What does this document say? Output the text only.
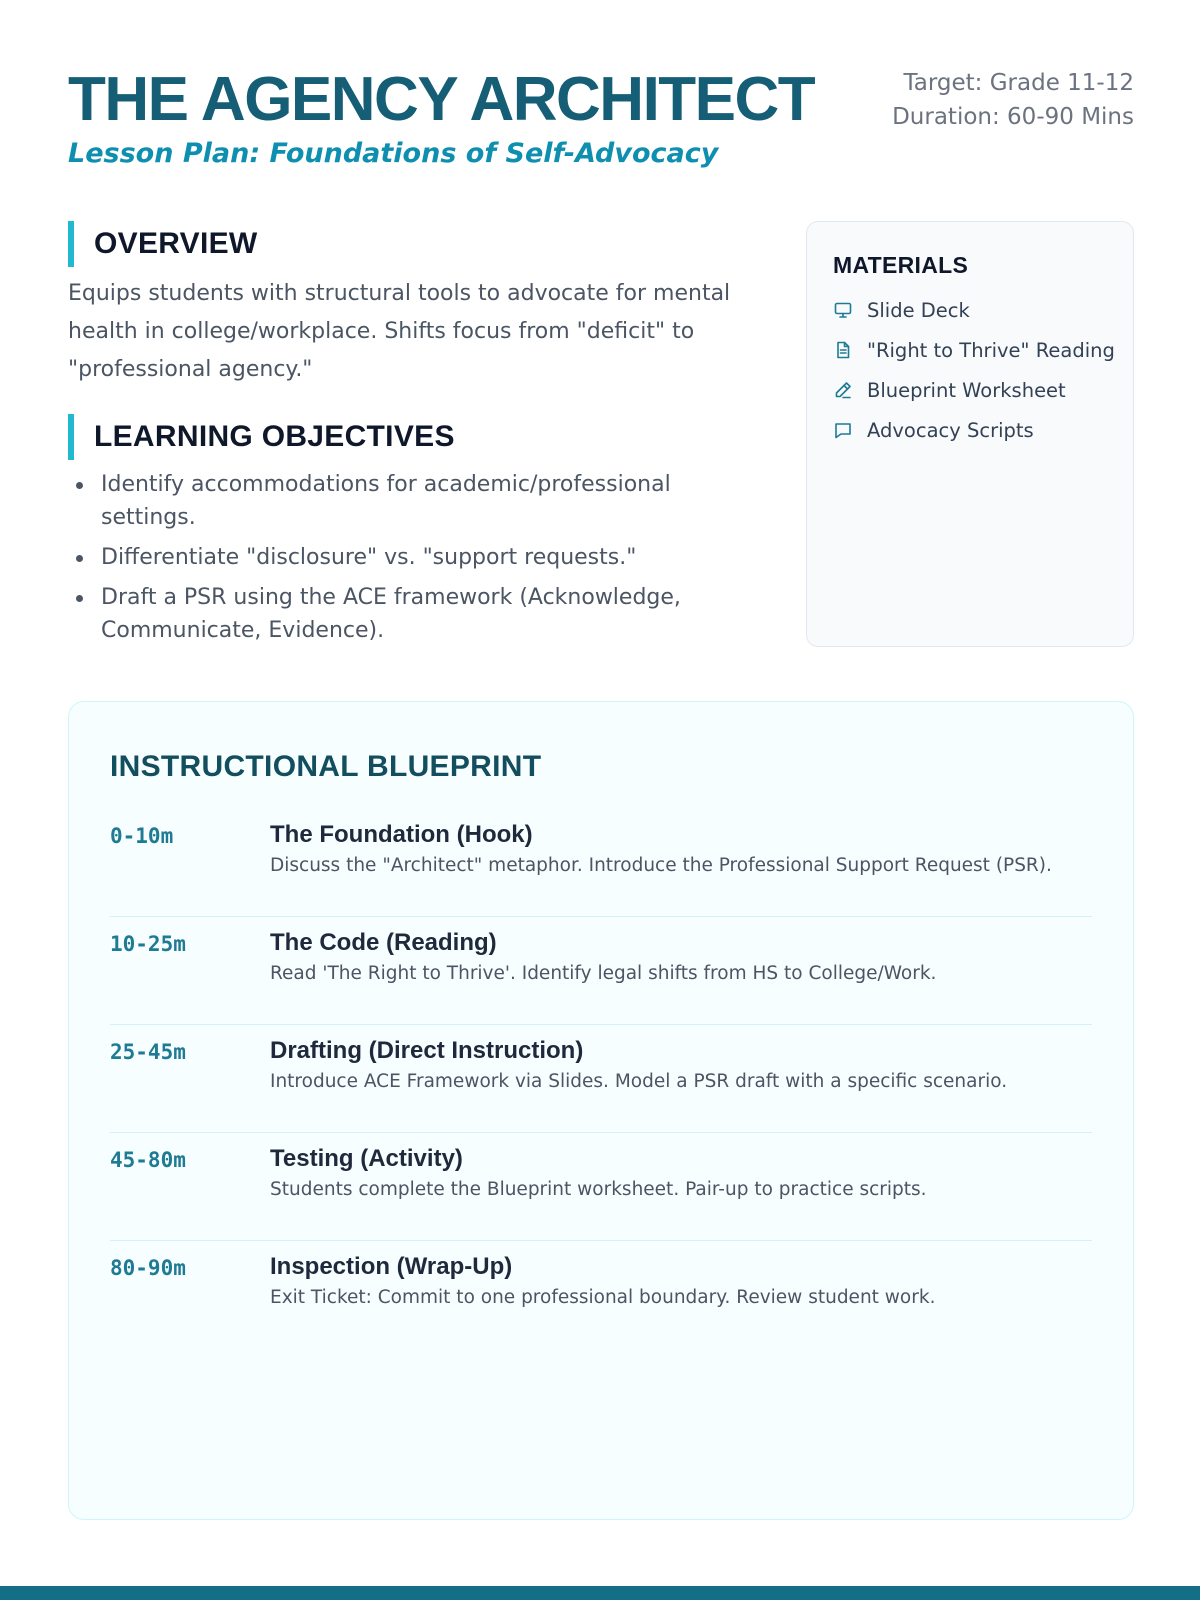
THE AGENCY ARCHITECT
Lesson Plan: Foundations of Self-Advocacy
Target: Grade 11-12
Duration: 60-90 Mins
OVERVIEW

Equips students with structural tools to advocate for mental health in college/workplace. Shifts focus from "deficit" to "professional agency."

LEARNING OBJECTIVES
Identify accommodations for academic/professional settings.
Differentiate "disclosure" vs. "support requests."
Draft a PSR using the ACE framework (Acknowledge, Communicate, Evidence).
MATERIALS
Slide Deck
"Right to Thrive" Reading
Blueprint Worksheet
Advocacy Scripts
INSTRUCTIONAL BLUEPRINT
0-10m	The Foundation (Hook)
Discuss the "Architect" metaphor. Introduce the Professional Support Request (PSR).
10-25m	The Code (Reading)
Read 'The Right to Thrive'. Identify legal shifts from HS to College/Work.
25-45m	Drafting (Direct Instruction)
Introduce ACE Framework via Slides. Model a PSR draft with a specific scenario.
45-80m	Testing (Activity)
Students complete the Blueprint worksheet. Pair-up to practice scripts.
80-90m	Inspection (Wrap-Up)
Exit Ticket: Commit to one professional boundary. Review student work.
